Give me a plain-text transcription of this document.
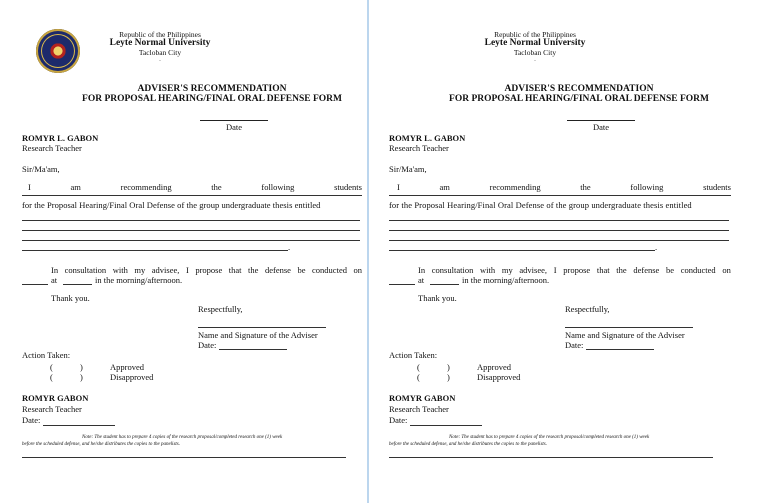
Republic of the Philippines
Leyte Normal University
Tacloban City
.
ADVISER'S RECOMMENDATION
FOR PROPOSAL HEARING/FINAL ORAL DEFENSE FORM
Date
ROMYR L. GABON
Research Teacher
Sir/Ma'am,
I	am	recommending	the	following	students
for the Proposal Hearing/Final Oral Defense of the group undergraduate thesis entitled
.
In consultation with my advisee, I propose that the defense be conducted on
at	in the morning/afternoon.
Thank you.
Respectfully,
Name and Signature of the Adviser
Date:
Action Taken:
(	)	Approved
(	)	Disapproved
ROMYR GABON
Research Teacher
Date:
Note: The student has to prepare 4 copies of the research proposal/completed research one (1) week
before the scheduled defense, and he/she distributes the copies to the panelists.
Republic of the Philippines
Leyte Normal University
Tacloban City
.
ADVISER'S RECOMMENDATION
FOR PROPOSAL HEARING/FINAL ORAL DEFENSE FORM
Date
ROMYR L. GABON
Research Teacher
Sir/Ma'am,
I	am	recommending	the	following	students
for the Proposal Hearing/Final Oral Defense of the group undergraduate thesis entitled
.
In consultation with my advisee, I propose that the defense be conducted on
at	in the morning/afternoon.
Thank you.
Respectfully,
Name and Signature of the Adviser
Date:
Action Taken:
(	)	Approved
(	)	Disapproved
ROMYR GABON
Research Teacher
Date:
Note: The student has to prepare 4 copies of the research proposal/completed research one (1) week
before the scheduled defense, and he/she distributes the copies to the panelists.
